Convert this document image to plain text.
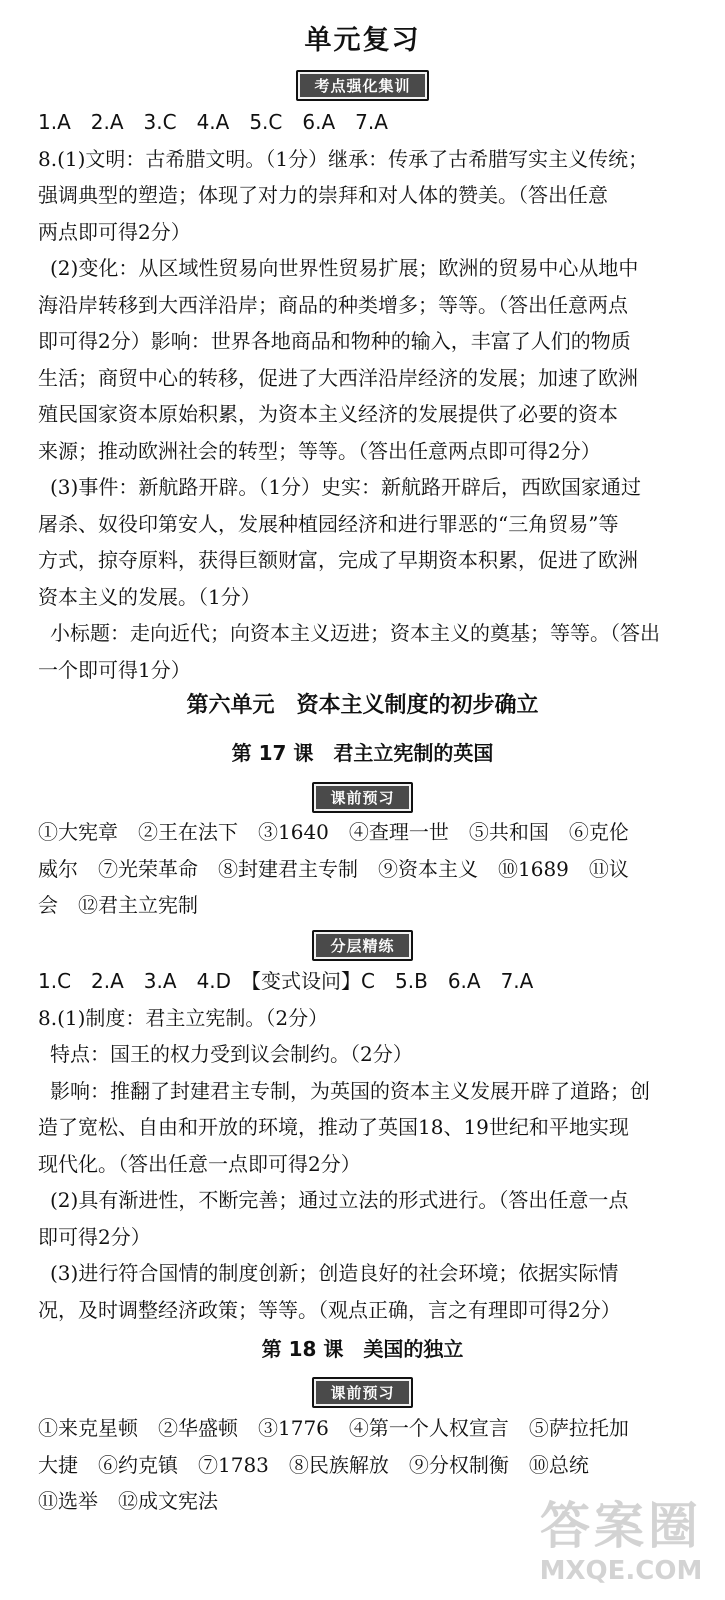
单元复习
考点强化集训
1.A　2.A　3.C　4.A　5.C　6.A　7.A
8.(1)文明：古希腊文明。（1分）继承：传承了古希腊写实主义传统；
强调典型的塑造；体现了对力的崇拜和对人体的赞美。（答出任意
两点即可得2分）
(2)变化：从区域性贸易向世界性贸易扩展；欧洲的贸易中心从地中
海沿岸转移到大西洋沿岸；商品的种类增多；等等。（答出任意两点
即可得2分）影响：世界各地商品和物种的输入，丰富了人们的物质
生活；商贸中心的转移，促进了大西洋沿岸经济的发展；加速了欧洲
殖民国家资本原始积累，为资本主义经济的发展提供了必要的资本
来源；推动欧洲社会的转型；等等。（答出任意两点即可得2分）
(3)事件：新航路开辟。（1分）史实：新航路开辟后，西欧国家通过
屠杀、奴役印第安人，发展种植园经济和进行罪恶的“三角贸易”等
方式，掠夺原料，获得巨额财富，完成了早期资本积累，促进了欧洲
资本主义的发展。（1分）
小标题：走向近代；向资本主义迈进；资本主义的奠基；等等。（答出
一个即可得1分）
第六单元　资本主义制度的初步确立
第 17 课　君主立宪制的英国
课前预习
①大宪章　②王在法下　③1640　④查理一世　⑤共和国　⑥克伦
威尔　⑦光荣革命　⑧封建君主专制　⑨资本主义　⑩1689　⑪议
会　⑫君主立宪制
分层精练
1.C　2.A　3.A　4.D　【变式设问】C　5.B　6.A　7.A
8.(1)制度：君主立宪制。（2分）
特点：国王的权力受到议会制约。（2分）
影响：推翻了封建君主专制，为英国的资本主义发展开辟了道路；创
造了宽松、自由和开放的环境，推动了英国18、19世纪和平地实现
现代化。（答出任意一点即可得2分）
(2)具有渐进性，不断完善；通过立法的形式进行。（答出任意一点
即可得2分）
(3)进行符合国情的制度创新；创造良好的社会环境；依据实际情
况，及时调整经济政策；等等。（观点正确，言之有理即可得2分）
第 18 课　美国的独立
课前预习
①来克星顿　②华盛顿　③1776　④第一个人权宣言　⑤萨拉托加
大捷　⑥约克镇　⑦1783　⑧民族解放　⑨分权制衡　⑩总统
⑪选举　⑫成文宪法	答案圈
MXQE.COM
